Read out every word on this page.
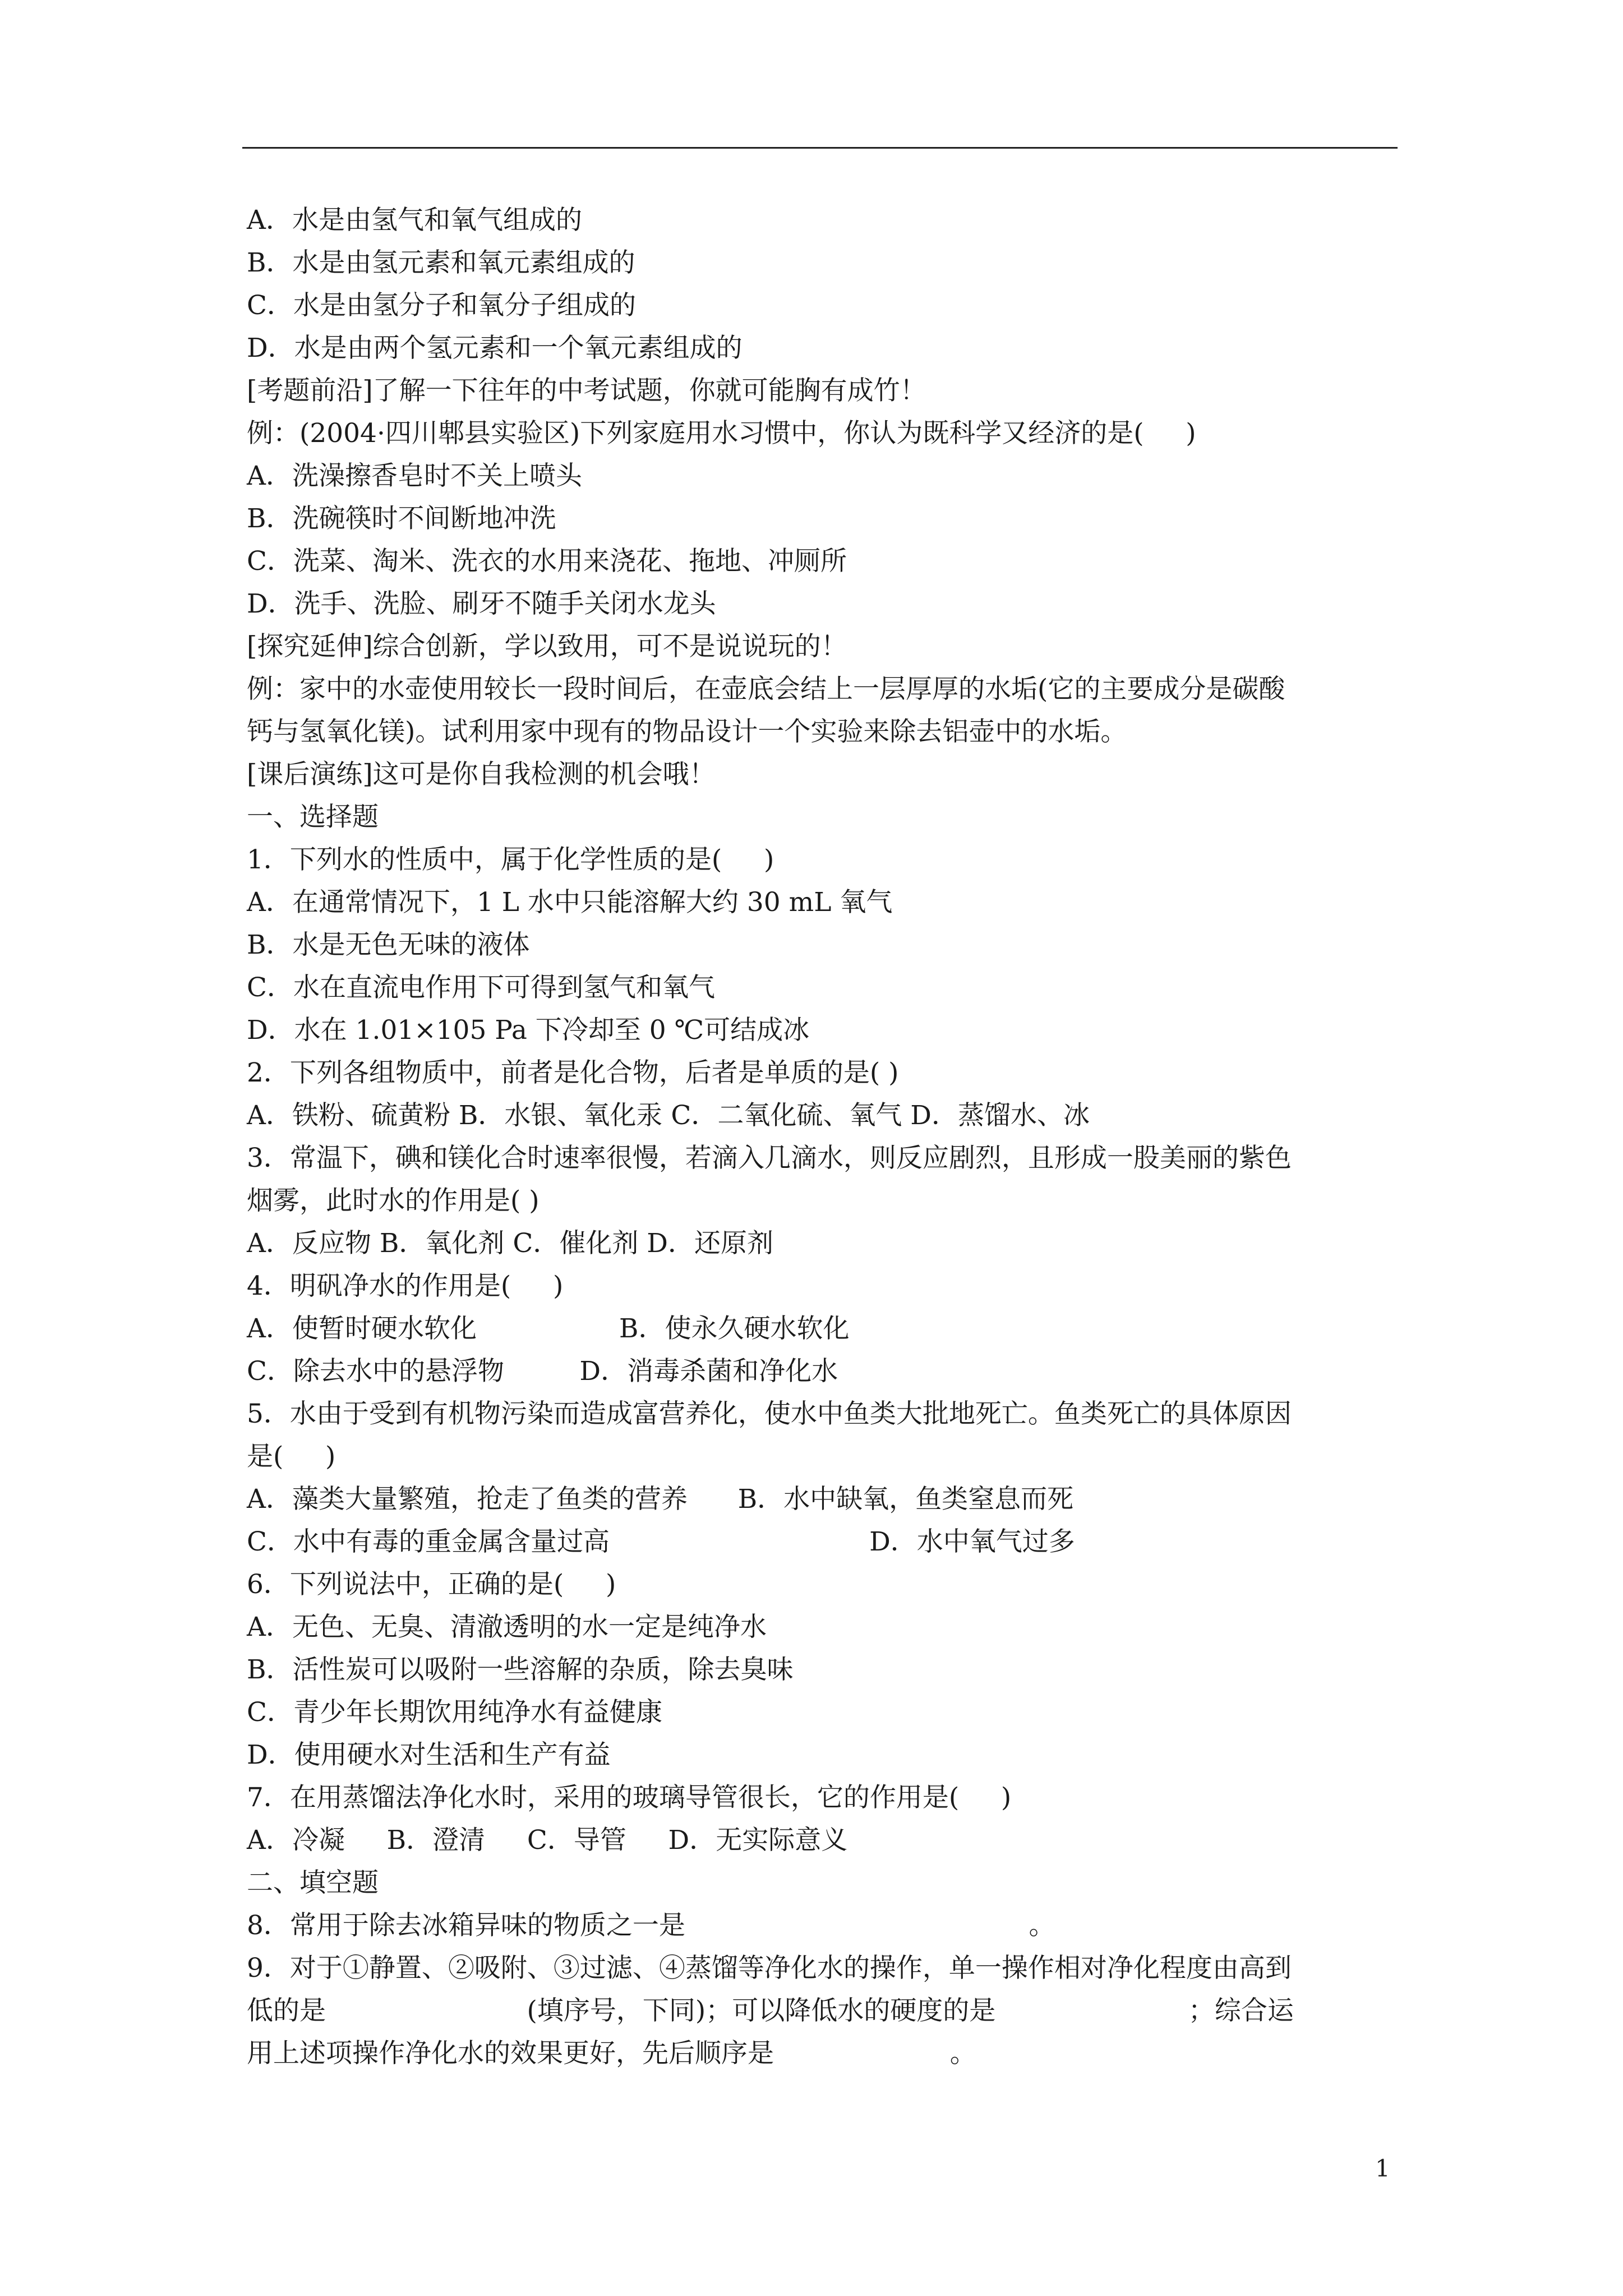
A．水是由氢气和氧气组成的
B．水是由氢元素和氧元素组成的
C．水是由氢分子和氧分子组成的
D．水是由两个氢元素和一个氧元素组成的
[考题前沿]了解一下往年的中考试题，你就可能胸有成竹！
例：(2004·四川郫县实验区)下列家庭用水习惯中，你认为既科学又经济的是(     )
A．洗澡擦香皂时不关上喷头
B．洗碗筷时不间断地冲洗
C．洗菜、淘米、洗衣的水用来浇花、拖地、冲厕所
D．洗手、洗脸、刷牙不随手关闭水龙头
[探究延伸]综合创新，学以致用，可不是说说玩的！
例：家中的水壶使用较长一段时间后，在壶底会结上一层厚厚的水垢(它的主要成分是碳酸
钙与氢氧化镁)。试利用家中现有的物品设计一个实验来除去铝壶中的水垢。
[课后演练]这可是你自我检测的机会哦！
一、选择题
1．下列水的性质中，属于化学性质的是(     )
A．在通常情况下，1 L 水中只能溶解大约 30 mL 氧气
B．水是无色无味的液体
C．水在直流电作用下可得到氢气和氧气
D．水在 1.01×105 Pa 下冷却至 0 ℃可结成冰
2．下列各组物质中，前者是化合物，后者是单质的是( )
A．铁粉、硫黄粉 B．水银、氧化汞 C．二氧化硫、氧气 D．蒸馏水、冰
3．常温下，碘和镁化合时速率很慢，若滴入几滴水，则反应剧烈，且形成一股美丽的紫色
烟雾，此时水的作用是( )
A．反应物 B．氧化剂 C．催化剂 D．还原剂
4．明矾净水的作用是(     )
A．使暂时硬水软化                 B．使永久硬水软化
C．除去水中的悬浮物         D．消毒杀菌和净化水
5．水由于受到有机物污染而造成富营养化，使水中鱼类大批地死亡。鱼类死亡的具体原因
是(     )
A．藻类大量繁殖，抢走了鱼类的营养      B．水中缺氧，鱼类窒息而死
C．水中有毒的重金属含量过高                               D．水中氧气过多
6．下列说法中，正确的是(     )
A．无色、无臭、清澈透明的水一定是纯净水
B．活性炭可以吸附一些溶解的杂质，除去臭味
C．青少年长期饮用纯净水有益健康
D．使用硬水对生活和生产有益
7．在用蒸馏法净化水时，采用的玻璃导管很长，它的作用是(     )
A．冷凝     B．澄清     C．导管     D．无实际意义
二、填空题
8．常用于除去冰箱异味的物质之一是                                         。
9．对于①静置、②吸附、③过滤、④蒸馏等净化水的操作，单一操作相对净化程度由高到
低的是                        (填序号，下同)；可以降低水的硬度的是                       ；综合运
用上述项操作净化水的效果更好，先后顺序是                     。
1
